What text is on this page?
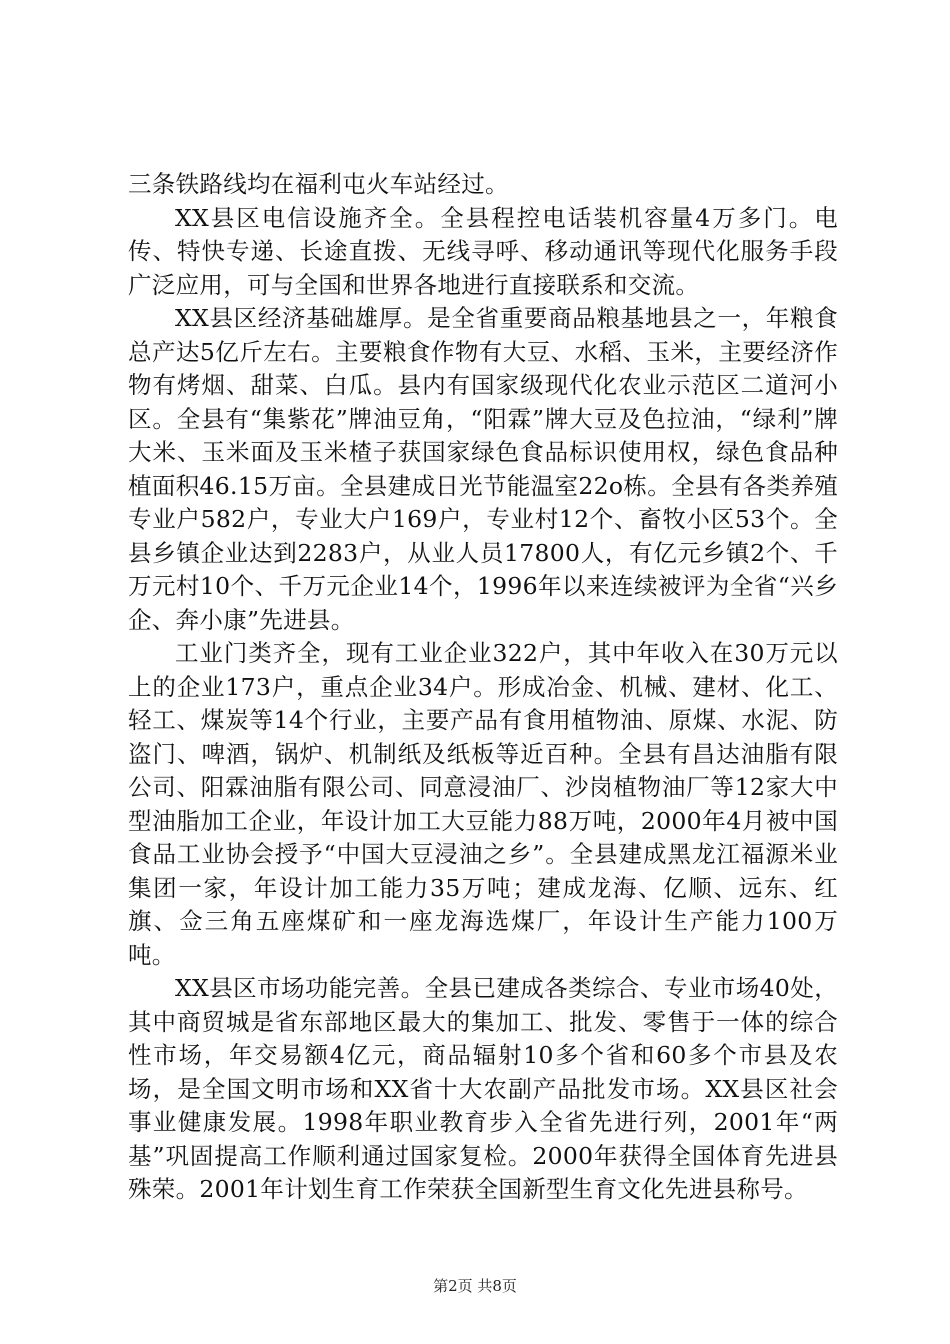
三条铁路线均在福利屯火车站经过。

XX县区电信设施齐全。全县程控电话装机容量4万多门。电传、特快专递、长途直拨、无线寻呼、移动通讯等现代化服务手段广泛应用，可与全国和世界各地进行直接联系和交流。

XX县区经济基础雄厚。是全省重要商品粮基地县之一，年粮食总产达5亿斤左右。主要粮食作物有大豆、水稻、玉米，主要经济作物有烤烟、甜菜、白瓜。县内有国家级现代化农业示范区二道河小区。全县有“集紫花”牌油豆角，“阳霖”牌大豆及色拉油，“绿利”牌大米、玉米面及玉米楂子获国家绿色食品标识使用权，绿色食品种植面积46.15万亩。全县建成日光节能温室22o栋。全县有各类养殖专业户582户，专业大户169户，专业村12个、畜牧小区53个。全县乡镇企业达到2283户，从业人员17800人，有亿元乡镇2个、千万元村10个、千万元企业14个，1996年以来连续被评为全省“兴乡企、奔小康”先进县。

工业门类齐全，现有工业企业322户，其中年收入在30万元以上的企业173户，重点企业34户。形成冶金、机械、建材、化工、轻工、煤炭等14个行业，主要产品有食用植物油、原煤、水泥、防盗门、啤酒，锅炉、机制纸及纸板等近百种。全县有昌达油脂有限公司、阳霖油脂有限公司、同意浸油厂、沙岗植物油厂等12家大中型油脂加工企业，年设计加工大豆能力88万吨，2000年4月被中国食品工业协会授予“中国大豆浸油之乡”。全县建成黑龙江福源米业集团一家，年设计加工能力35万吨；建成龙海、亿顺、远东、红旗、佥三角五座煤矿和一座龙海选煤厂，年设计生产能力100万吨。

XX县区市场功能完善。全县已建成各类综合、专业市场40处，其中商贸城是省东部地区最大的集加工、批发、零售于一体的综合性市场，年交易额4亿元，商品辐射10多个省和60多个市县及农场，是全国文明市场和XX省十大农副产品批发市场。XX县区社会事业健康发展。1998年职业教育步入全省先进行列，2001年“两基”巩固提高工作顺利通过国家复检。2000年获得全国体育先进县殊荣。2001年计划生育工作荣获全国新型生育文化先进县称号。

第2页 共8页
